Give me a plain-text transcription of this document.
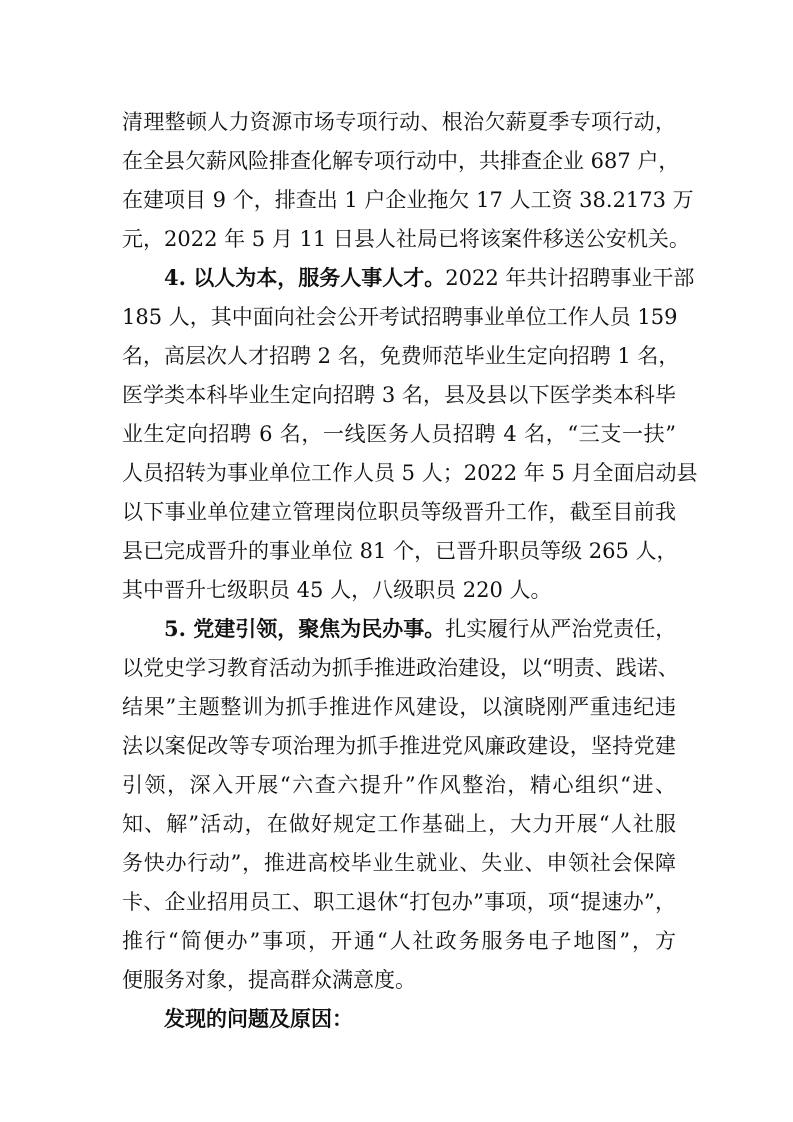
清理整顿人力资源市场专项行动、根治欠薪夏季专项行动，
在全县欠薪风险排查化解专项行动中，共排查企业 687 户，
在建项目 9 个，排查出 1 户企业拖欠 17 人工资 38.2173 万
元，2022 年 5 月 11 日县人社局已将该案件移送公安机关。
4. 以人为本，服务人事人才。2022 年共计招聘事业干部
185 人，其中面向社会公开考试招聘事业单位工作人员 159
名，高层次人才招聘 2 名，免费师范毕业生定向招聘 1 名，
医学类本科毕业生定向招聘 3 名，县及县以下医学类本科毕
业生定向招聘 6 名，一线医务人员招聘 4 名，“三支一扶”
人员招转为事业单位工作人员 5 人；2022 年 5 月全面启动县
以下事业单位建立管理岗位职员等级晋升工作，截至目前我
县已完成晋升的事业单位 81 个，已晋升职员等级 265 人，
其中晋升七级职员 45 人，八级职员 220 人。
5. 党建引领，聚焦为民办事。扎实履行从严治党责任，
以党史学习教育活动为抓手推进政治建设，以“明责、践诺、
结果”主题整训为抓手推进作风建设，以演晓刚严重违纪违
法以案促改等专项治理为抓手推进党风廉政建设，坚持党建
引领，深入开展“六查六提升”作风整治，精心组织“进、
知、解”活动，在做好规定工作基础上，大力开展“人社服
务快办行动”，推进高校毕业生就业、失业、申领社会保障
卡、企业招用员工、职工退休“打包办”事项，项“提速办”，
推行“简便办”事项，开通“人社政务服务电子地图”，方
便服务对象，提高群众满意度。
发现的问题及原因：
